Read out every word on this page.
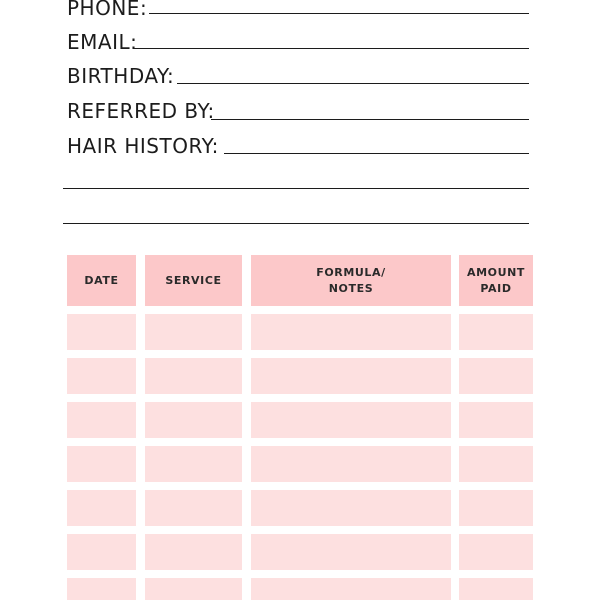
PHONE:
EMAIL:
BIRTHDAY:
REFERRED BY:
HAIR HISTORY:
DATE	SERVICE
FORMULA/
NOTES
AMOUNT
PAID
